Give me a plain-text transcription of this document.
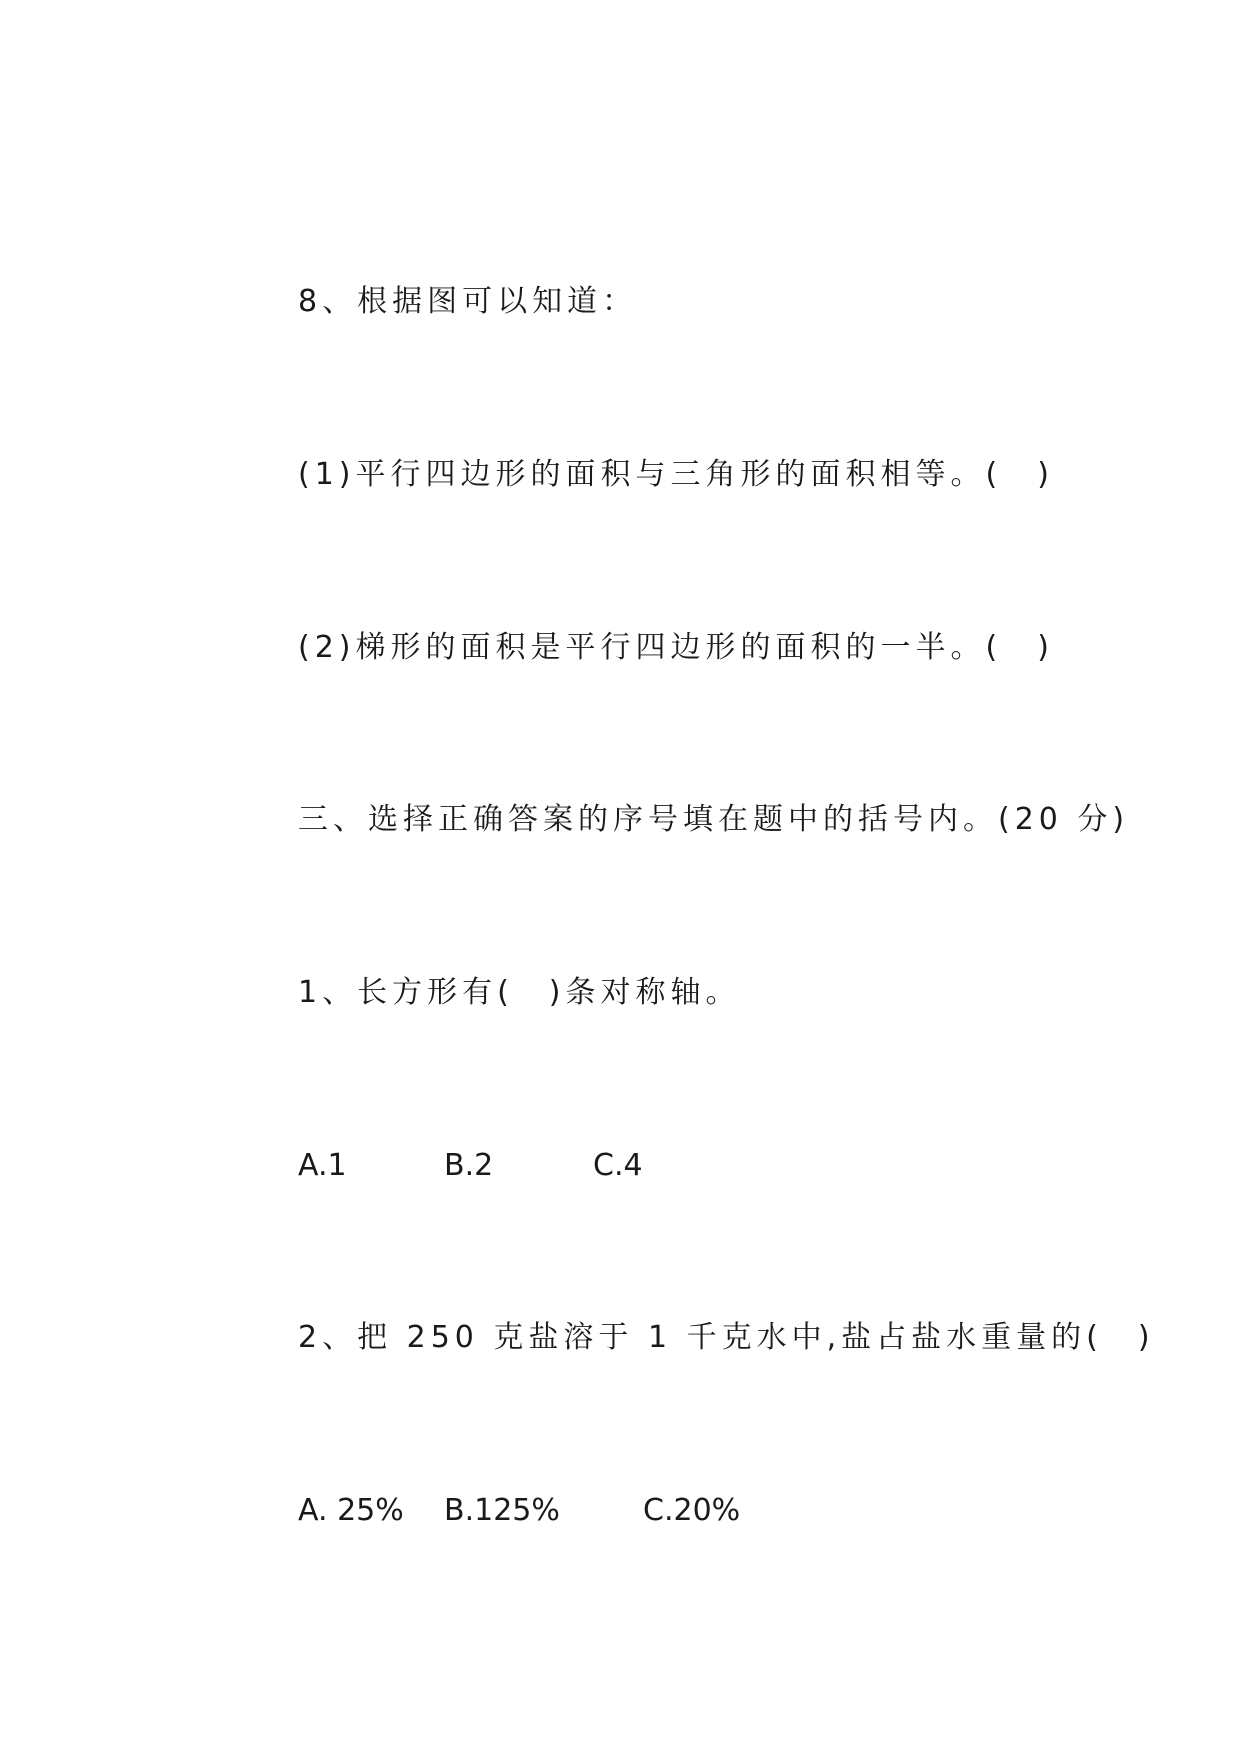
8、根据图可以知道：
(1)平行四边形的面积与三角形的面积相等。(　)
(2)梯形的面积是平行四边形的面积的一半。(　)
三、选择正确答案的序号填在题中的括号内。(20 分)
1、长方形有(　)条对称轴。
A.1	B.2	C.4
2、把 250 克盐溶于 1 千克水中,盐占盐水重量的(　)
A. 25% B.125%	C.20%
